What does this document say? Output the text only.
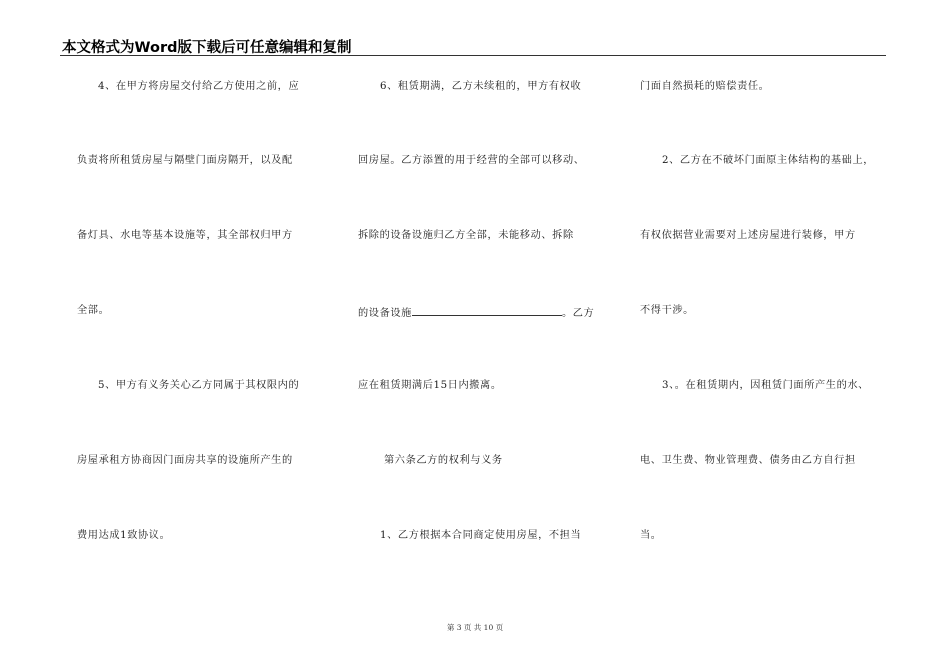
本文格式为Word版下载后可任意编辑和复制
4、在甲方将房屋交付给乙方使用之前，应
负责将所租赁房屋与隔壁门面房隔开，以及配
备灯具、水电等基本设施等，其全部权归甲方
全部。
5、甲方有义务关心乙方同属于其权限内的
房屋承租方协商因门面房共享的设施所产生的
费用达成1致协议。
6、租赁期满，乙方未续租的，甲方有权收
回房屋。乙方添置的用于经营的全部可以移动、
拆除的设备设施归乙方全部，未能移动、拆除
的设备设施	。乙方
应在租赁期满后15日内搬离。
第六条乙方的权利与义务
1、乙方根据本合同商定使用房屋，不担当
门面自然损耗的赔偿责任。
2、乙方在不破坏门面原主体结构的基础上，
有权依据营业需要对上述房屋进行装修，甲方
不得干涉。
3、。在租赁期内，因租赁门面所产生的水、
电、卫生费、物业管理费、债务由乙方自行担
当。
第 3 页 共 10 页
